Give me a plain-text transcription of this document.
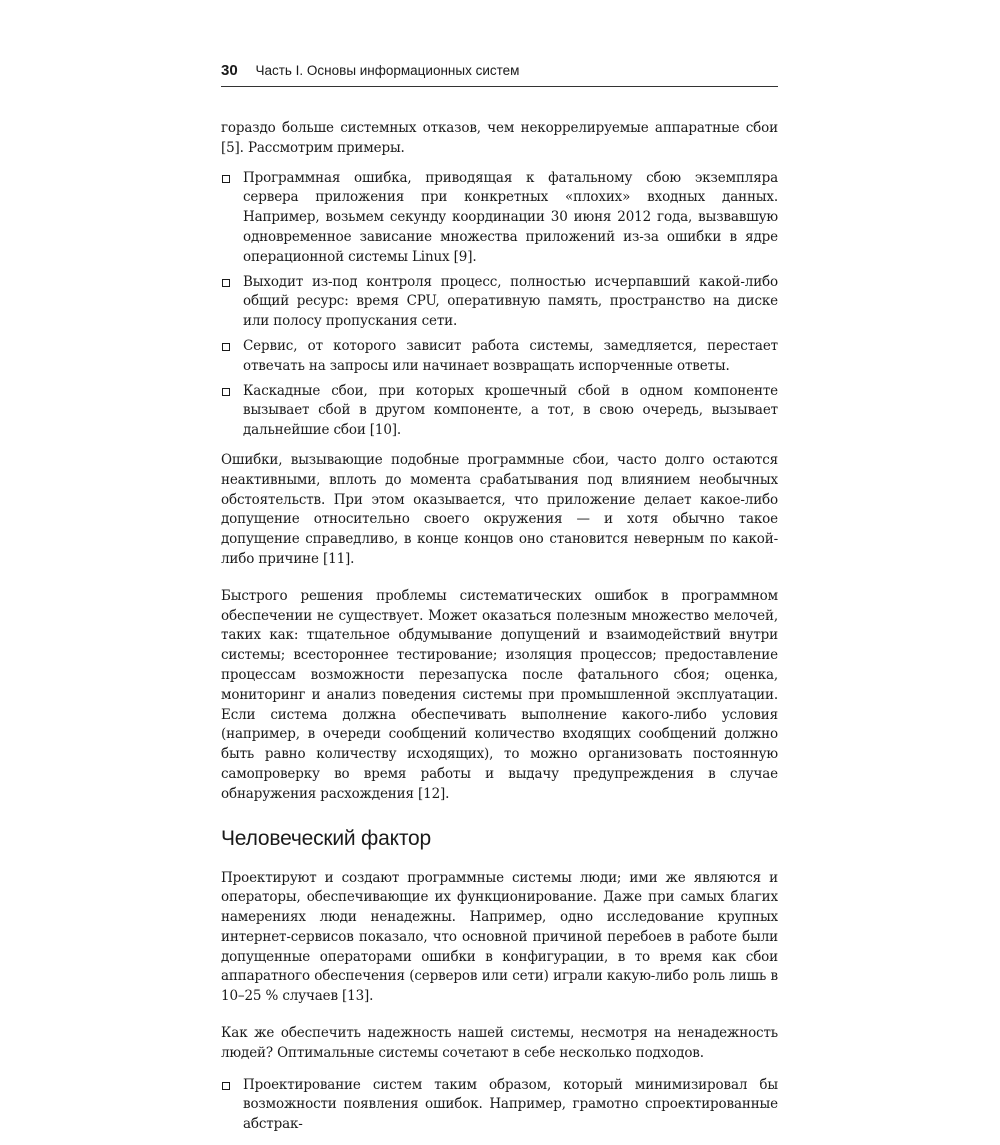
30 Часть I. Основы информационных систем

гораздо больше системных отказов, чем некоррелируемые аппаратные сбои [5]. Рассмотрим примеры.

Программная ошибка, приводящая к фатальному сбою экземпляра сервера приложения при конкретных «плохих» входных данных. Например, возьмем секунду координации 30 июня 2012 года, вызвавшую одновременное зависание множества приложений из-за ошибки в ядре операционной системы Linux [9].
Выходит из-под контроля процесс, полностью исчерпавший какой-либо общий ресурс: время CPU, оперативную память, пространство на диске или полосу пропускания сети.
Сервис, от которого зависит работа системы, замедляется, перестает отвечать на запросы или начинает возвращать испорченные ответы.
Каскадные сбои, при которых крошечный сбой в одном компоненте вызывает сбой в другом компоненте, а тот, в свою очередь, вызывает дальнейшие сбои [10].

Ошибки, вызывающие подобные программные сбои, часто долго остаются неактивными, вплоть до момента срабатывания под влиянием необычных обстоятельств. При этом оказывается, что приложение делает какое-либо допущение относительно своего окружения — и хотя обычно такое допущение справедливо, в конце концов оно становится неверным по какой-либо причине [11].

Быстрого решения проблемы систематических ошибок в программном обеспечении не существует. Может оказаться полезным множество мелочей, таких как: тщательное обдумывание допущений и взаимодействий внутри системы; всестороннее тестирование; изоляция процессов; предоставление процессам возможности перезапуска после фатального сбоя; оценка, мониторинг и анализ поведения системы при промышленной эксплуатации. Если система должна обеспечивать выполнение какого-либо условия (например, в очереди сообщений количество входящих сообщений должно быть равно количеству исходящих), то можно организовать постоянную самопроверку во время работы и выдачу предупреждения в случае обнаружения расхождения [12].

Человеческий фактор

Проектируют и создают программные системы люди; ими же являются и операторы, обеспечивающие их функционирование. Даже при самых благих намерениях люди ненадежны. Например, одно исследование крупных интернет-сервисов показало, что основной причиной перебоев в работе были допущенные операторами ошибки в конфигурации, в то время как сбои аппаратного обеспечения (серверов или сети) играли какую-либо роль лишь в 10–25 % случаев [13].

Как же обеспечить надежность нашей системы, несмотря на ненадежность людей? Оптимальные системы сочетают в себе несколько подходов.

Проектирование систем таким образом, который минимизировал бы возможности появления ошибок. Например, грамотно спроектированные абстрак-
